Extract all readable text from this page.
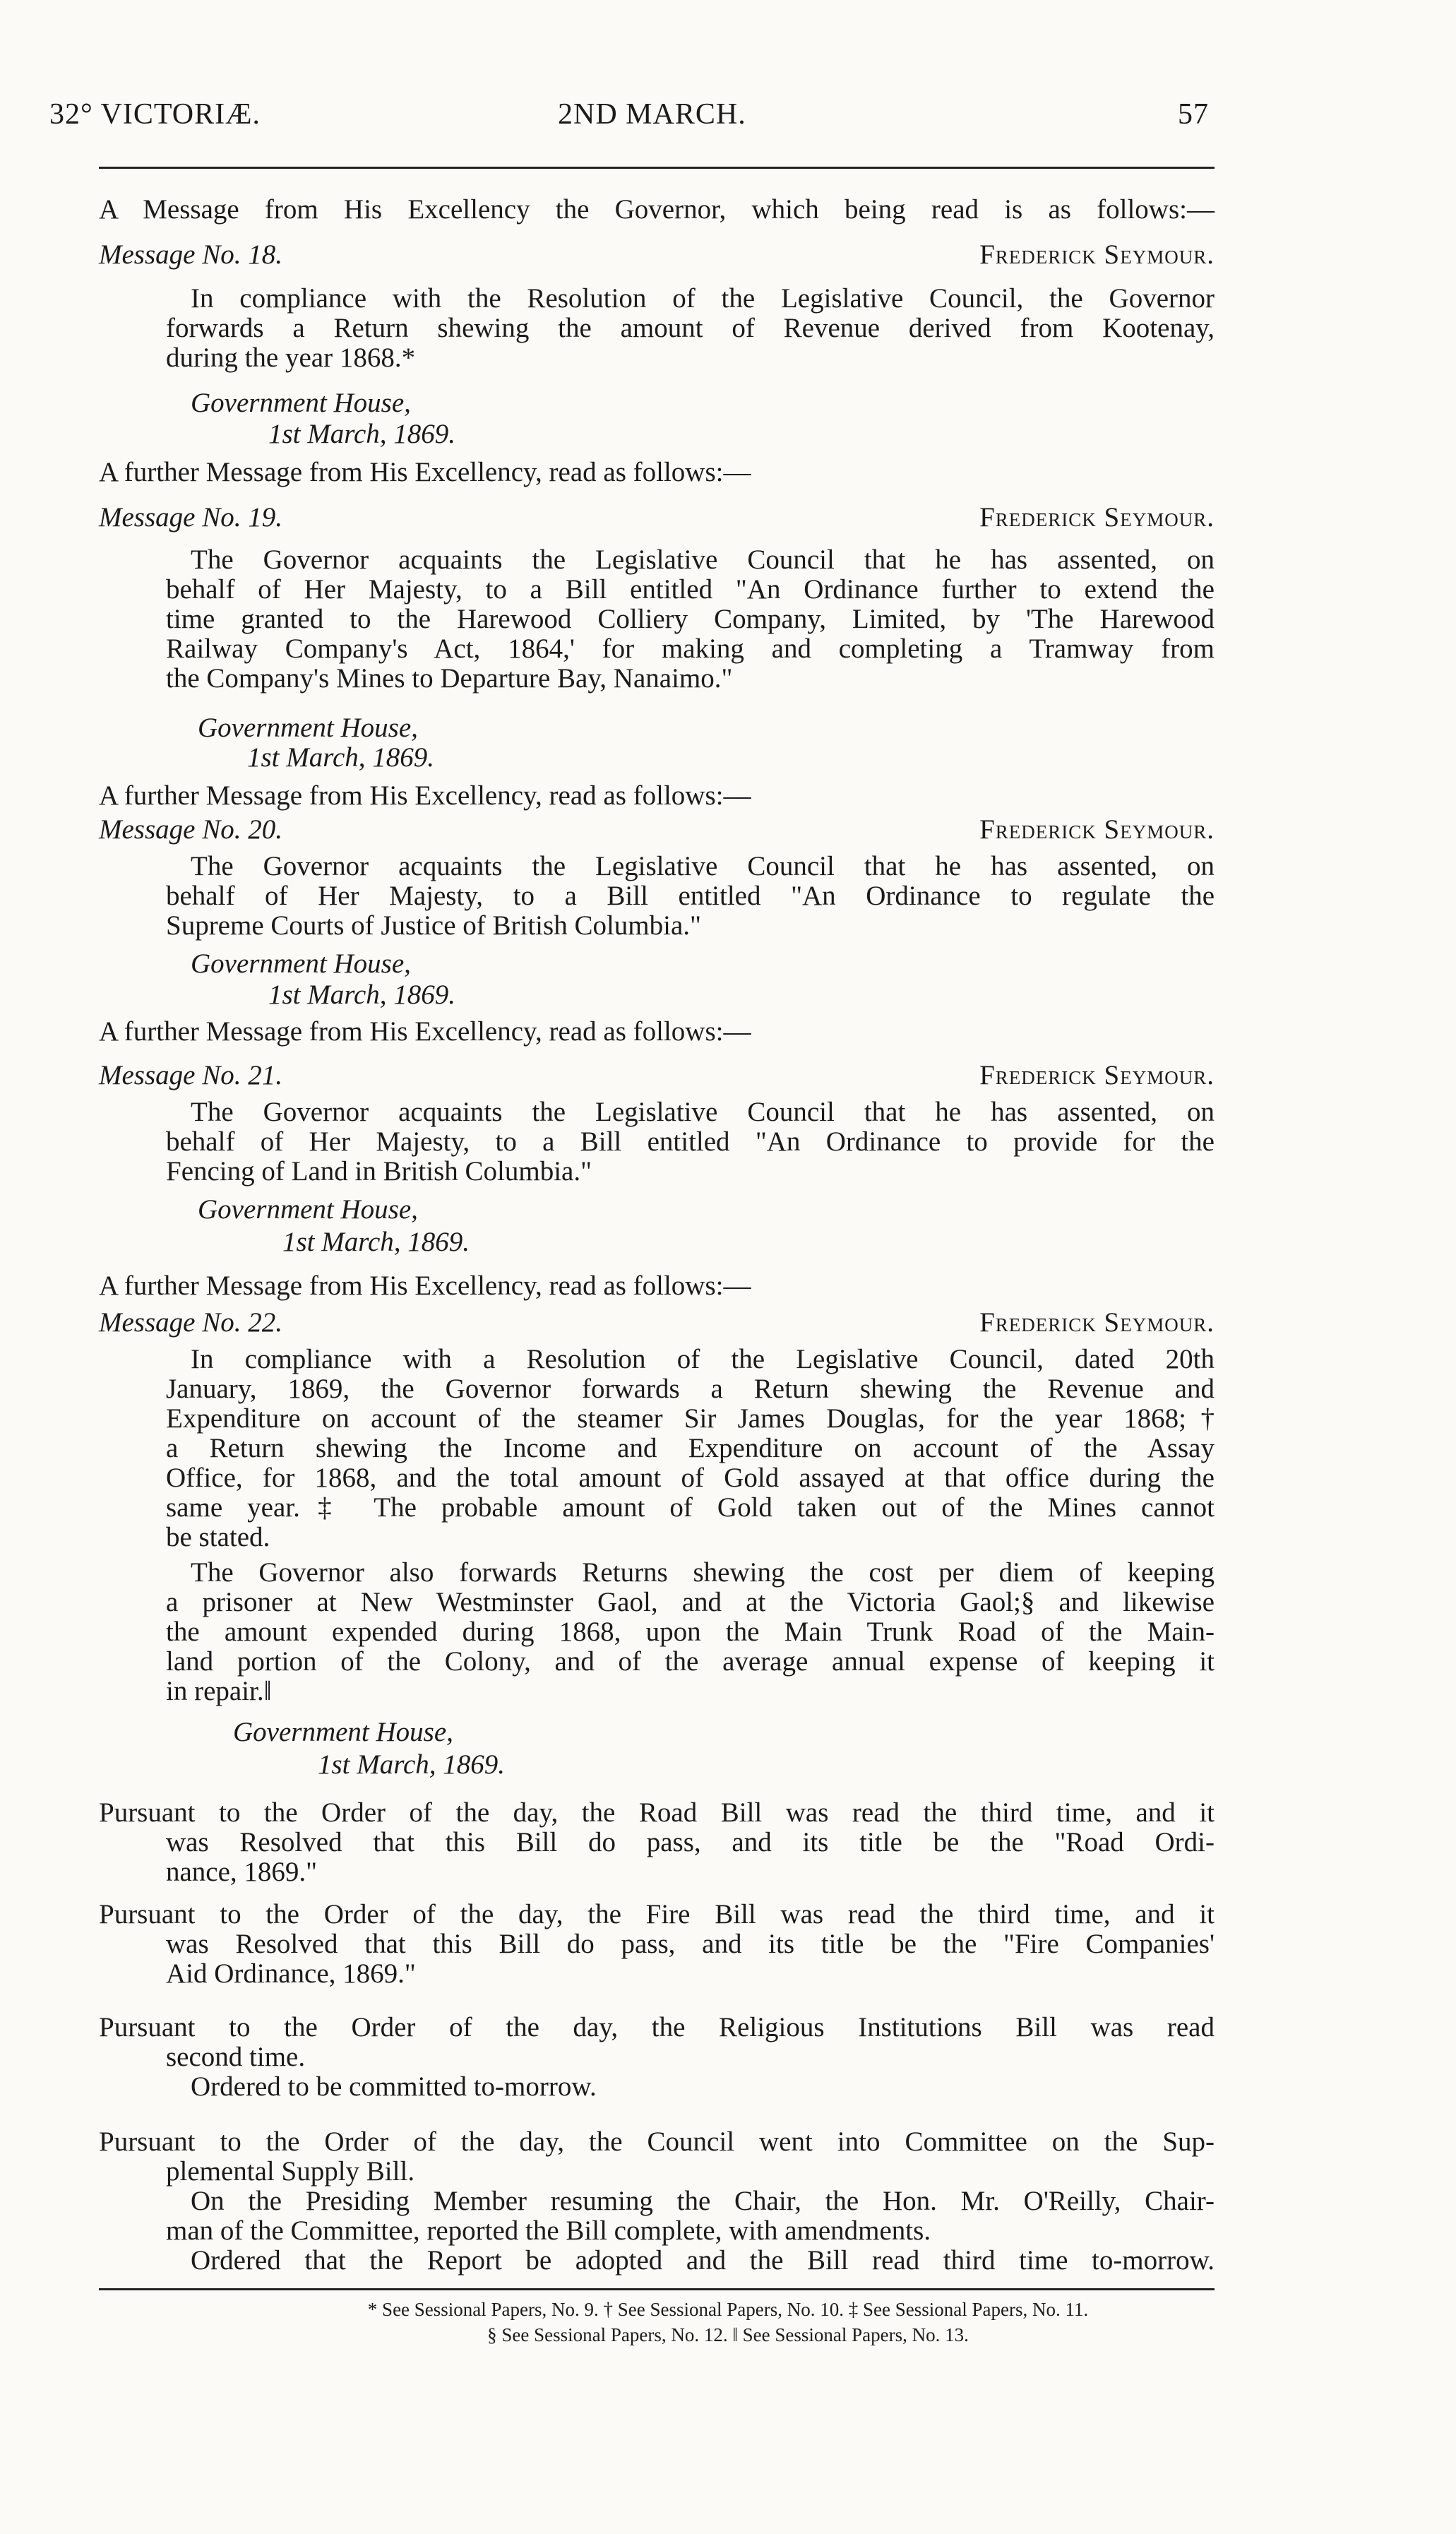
32° VICTORIÆ.	2ND MARCH.	57
A Message from His Excellency the Governor, which being read is as follows:—
Message No. 18.	Frederick Seymour.
In compliance with the Resolution of the Legislative Council, the Governor
forwards a Return shewing the amount of Revenue derived from Kootenay,
during the year 1868.*
Government House,
1st March, 1869.
A further Message from His Excellency, read as follows:—
Message No. 19.	Frederick Seymour.
The Governor acquaints the Legislative Council that he has assented, on
behalf of Her Majesty, to a Bill entitled "An Ordinance further to extend the
time granted to the Harewood Colliery Company, Limited, by 'The Harewood
Railway Company's Act, 1864,' for making and completing a Tramway from
the Company's Mines to Departure Bay, Nanaimo."
Government House,
1st March, 1869.
A further Message from His Excellency, read as follows:—
Message No. 20.	Frederick Seymour.
The Governor acquaints the Legislative Council that he has assented, on
behalf of Her Majesty, to a Bill entitled "An Ordinance to regulate the
Supreme Courts of Justice of British Columbia."
Government House,
1st March, 1869.
A further Message from His Excellency, read as follows:—
Message No. 21.	Frederick Seymour.
The Governor acquaints the Legislative Council that he has assented, on
behalf of Her Majesty, to a Bill entitled "An Ordinance to provide for the
Fencing of Land in British Columbia."
Government House,
1st March, 1869.
A further Message from His Excellency, read as follows:—
Message No. 22.	Frederick Seymour.
In compliance with a Resolution of the Legislative Council, dated 20th
January, 1869, the Governor forwards a Return shewing the Revenue and
Expenditure on account of the steamer Sir James Douglas, for the year 1868;†
a Return shewing the Income and Expenditure on account of the Assay
Office, for 1868, and the total amount of Gold assayed at that office during the
same year.‡ The probable amount of Gold taken out of the Mines cannot
be stated.
The Governor also forwards Returns shewing the cost per diem of keeping
a prisoner at New Westminster Gaol, and at the Victoria Gaol;§ and likewise
the amount expended during 1868, upon the Main Trunk Road of the Main-
land portion of the Colony, and of the average annual expense of keeping it
in repair.‖
Government House,
1st March, 1869.
Pursuant to the Order of the day, the Road Bill was read the third time, and it
was Resolved that this Bill do pass, and its title be the "Road Ordi-
nance, 1869."
Pursuant to the Order of the day, the Fire Bill was read the third time, and it
was Resolved that this Bill do pass, and its title be the "Fire Companies'
Aid Ordinance, 1869."
Pursuant to the Order of the day, the Religious Institutions Bill was read
second time.
Ordered to be committed to-morrow.
Pursuant to the Order of the day, the Council went into Committee on the Sup-
plemental Supply Bill.
On the Presiding Member resuming the Chair, the Hon. Mr. O'Reilly, Chair-
man of the Committee, reported the Bill complete, with amendments.
Ordered that the Report be adopted and the Bill read third time to-morrow.
* See Sessional Papers, No. 9. † See Sessional Papers, No. 10. ‡ See Sessional Papers, No. 11.
§ See Sessional Papers, No. 12. ‖ See Sessional Papers, No. 13.
